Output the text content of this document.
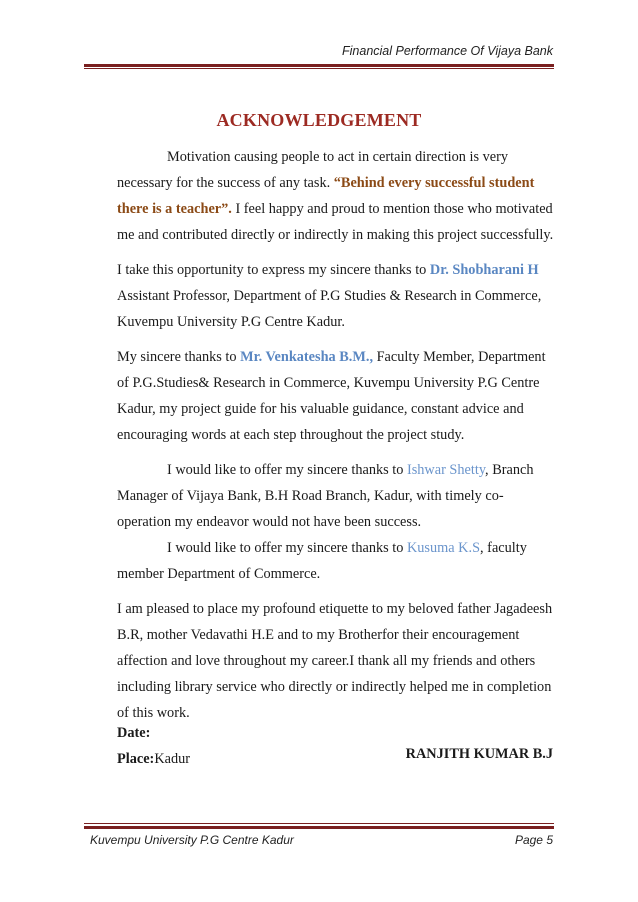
Financial Performance Of Vijaya Bank
ACKNOWLEDGEMENT

Motivation causing people to act in certain direction is very necessary for the success of any task. “Behind every successful student there is a teacher”. I feel happy and proud to mention those who motivated me and contributed directly or indirectly in making this project successfully.

I take this opportunity to express my sincere thanks to Dr. Shobharani H Assistant Professor, Department of P.G Studies & Research in Commerce, Kuvempu University P.G Centre Kadur.

My sincere thanks to Mr. Venkatesha B.M., Faculty Member, Department of P.G.Studies& Research in Commerce, Kuvempu University P.G Centre Kadur, my project guide for his valuable guidance, constant advice and encouraging words at each step throughout the project study.

I would like to offer my sincere thanks to Ishwar Shetty, Branch Manager of Vijaya Bank, B.H Road Branch, Kadur, with timely co-operation my endeavor would not have been success.

I would like to offer my sincere thanks to Kusuma K.S, faculty member Department of Commerce.

I am pleased to place my profound etiquette to my beloved father Jagadeesh B.R, mother Vedavathi H.E and to my Brotherfor their encouragement affection and love throughout my career.I thank all my friends and others including library service who directly or indirectly helped me in completion of this work.

Date:
Place:Kadur	RANJITH KUMAR B.J
Kuvempu University P.G Centre Kadur	Page 5
